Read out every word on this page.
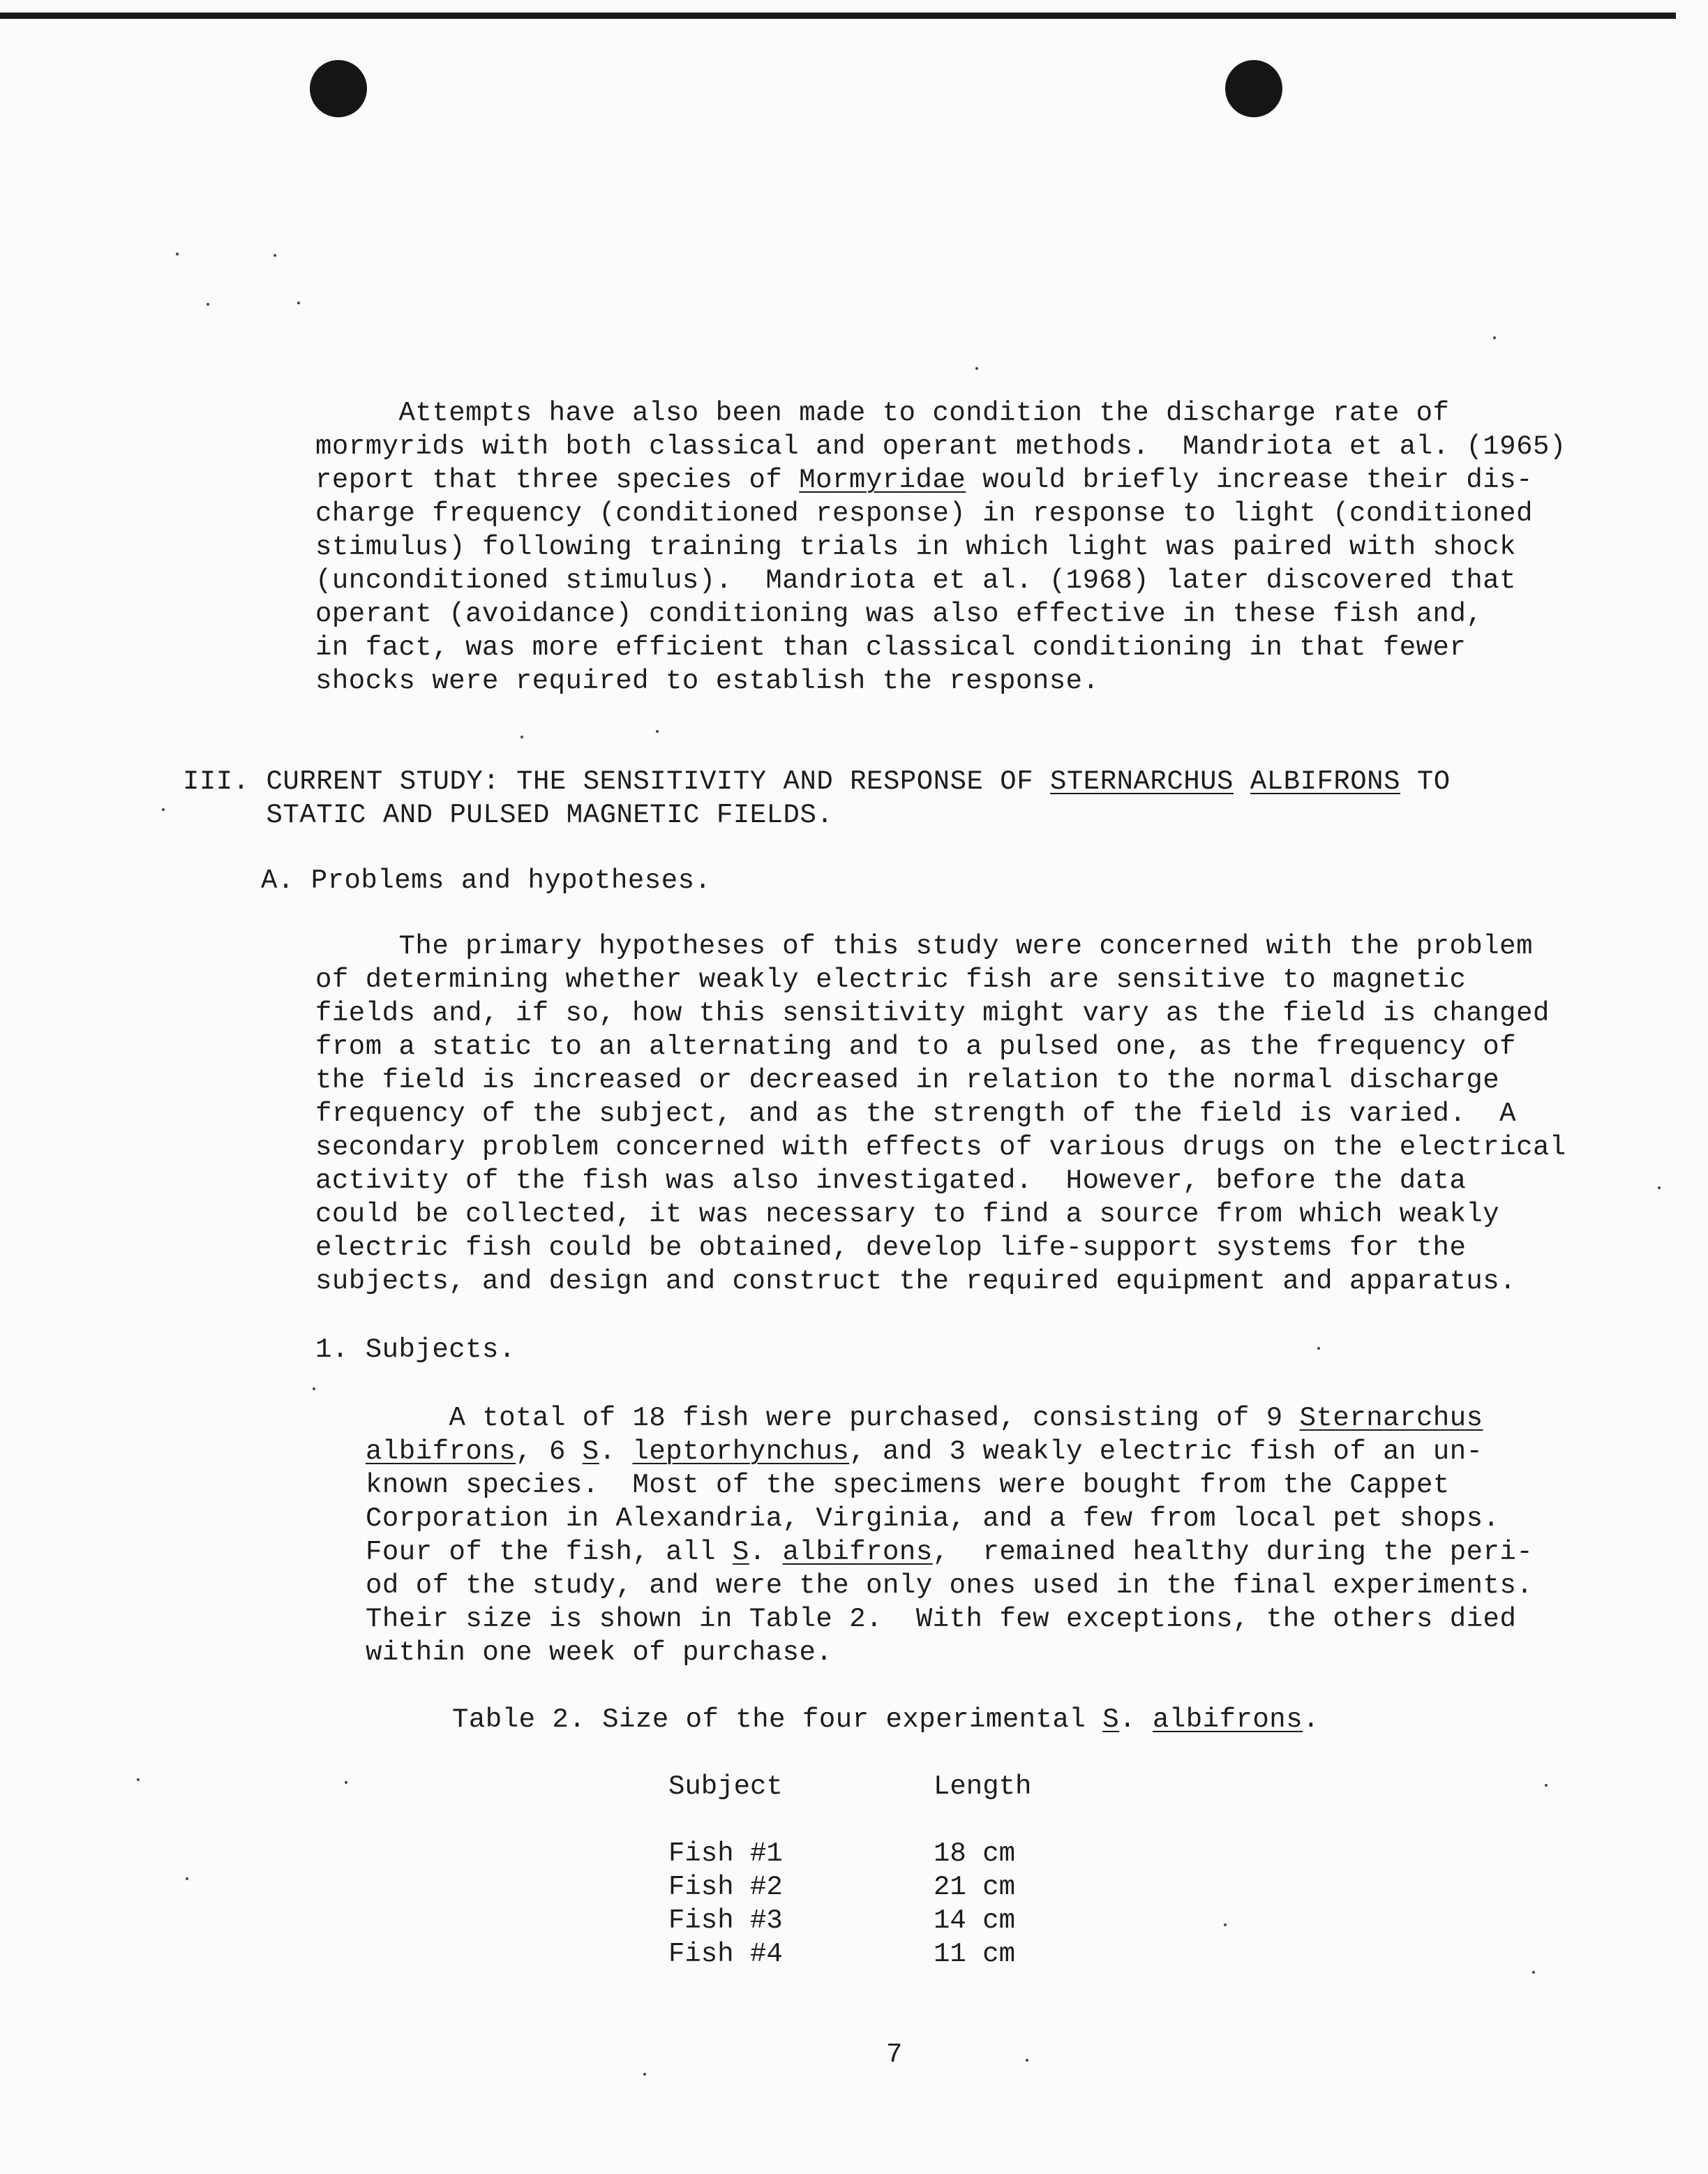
Attempts have also been made to condition the discharge rate of
mormyrids with both classical and operant methods.  Mandriota et al. (1965)
report that three species of Mormyridae would briefly increase their dis-
charge frequency (conditioned response) in response to light (conditioned
stimulus) following training trials in which light was paired with shock
(unconditioned stimulus).  Mandriota et al. (1968) later discovered that
operant (avoidance) conditioning was also effective in these fish and,
in fact, was more efficient than classical conditioning in that fewer
shocks were required to establish the response.
III. CURRENT STUDY: THE SENSITIVITY AND RESPONSE OF STERNARCHUS ALBIFRONS TO
STATIC AND PULSED MAGNETIC FIELDS.
A. Problems and hypotheses.
The primary hypotheses of this study were concerned with the problem
of determining whether weakly electric fish are sensitive to magnetic
fields and, if so, how this sensitivity might vary as the field is changed
from a static to an alternating and to a pulsed one, as the frequency of
the field is increased or decreased in relation to the normal discharge
frequency of the subject, and as the strength of the field is varied.  A
secondary problem concerned with effects of various drugs on the electrical
activity of the fish was also investigated.  However, before the data
could be collected, it was necessary to find a source from which weakly
electric fish could be obtained, develop life-support systems for the
subjects, and design and construct the required equipment and apparatus.
1. Subjects.
A total of 18 fish were purchased, consisting of 9 Sternarchus
albifrons, 6 S. leptorhynchus, and 3 weakly electric fish of an un-
known species.  Most of the specimens were bought from the Cappet
Corporation in Alexandria, Virginia, and a few from local pet shops.
Four of the fish, all S. albifrons,  remained healthy during the peri-
od of the study, and were the only ones used in the final experiments.
Their size is shown in Table 2.  With few exceptions, the others died
within one week of purchase.
Table 2. Size of the four experimental S. albifrons.
Subject	Length
Fish #1	18 cm
Fish #2	21 cm
Fish #3	14 cm
Fish #4	11 cm
7
